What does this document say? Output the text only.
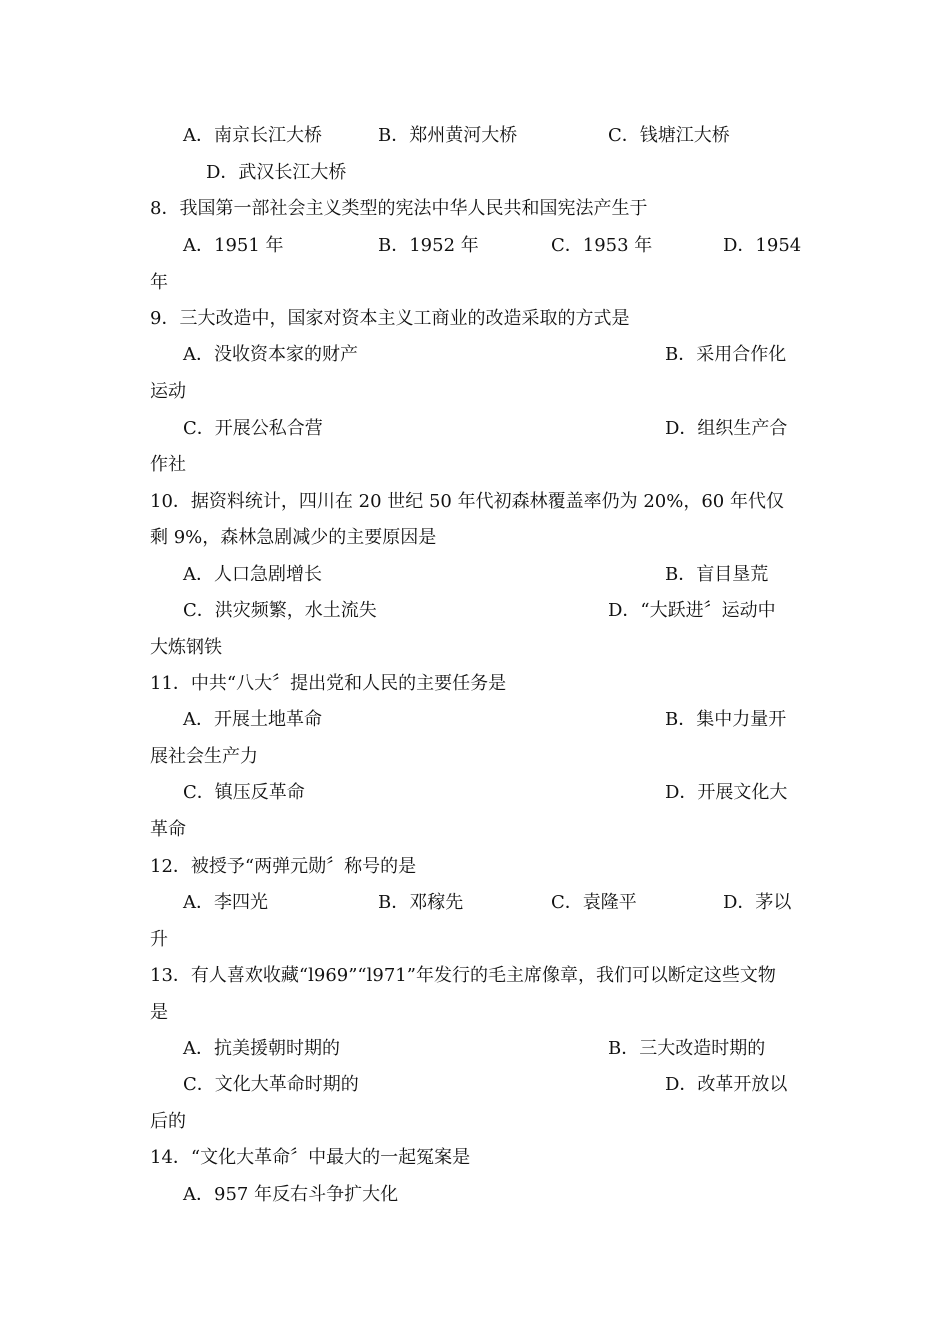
A．南京长江大桥	B．郑州黄河大桥	C．钱塘江大桥
D．武汉长江大桥
8．我国第一部社会主义类型的宪法中华人民共和国宪法产生于
A．1951 年	B．1952 年	C．1953 年	D．1954
年
9．三大改造中，国家对资本主义工商业的改造采取的方式是
A．没收资本家的财产	B．采用合作化
运动
C．开展公私合营	D．组织生产合
作社
10．据资料统计，四川在 20 世纪 50 年代初森林覆盖率仍为 20%，60 年代仅
剩 9%，森林急剧减少的主要原因是
A．人口急剧增长	B．盲目垦荒
C．洪灾频繁，水土流失	D．“大跃进〞运动中
大炼钢铁
11．中共“八大〞提出党和人民的主要任务是
A．开展土地革命	B．集中力量开
展社会生产力
C．镇压反革命	D．开展文化大
革命
12．被授予“两弹元勋〞称号的是
A．李四光	B．邓稼先	C．袁隆平	D．茅以
升
13．有人喜欢收藏“l969”“l971”年发行的毛主席像章，我们可以断定这些文物
是
A．抗美援朝时期的	B．三大改造时期的
C．文化大革命时期的	D．改革开放以
后的
14．“文化大革命〞中最大的一起冤案是
A．957 年反右斗争扩大化
